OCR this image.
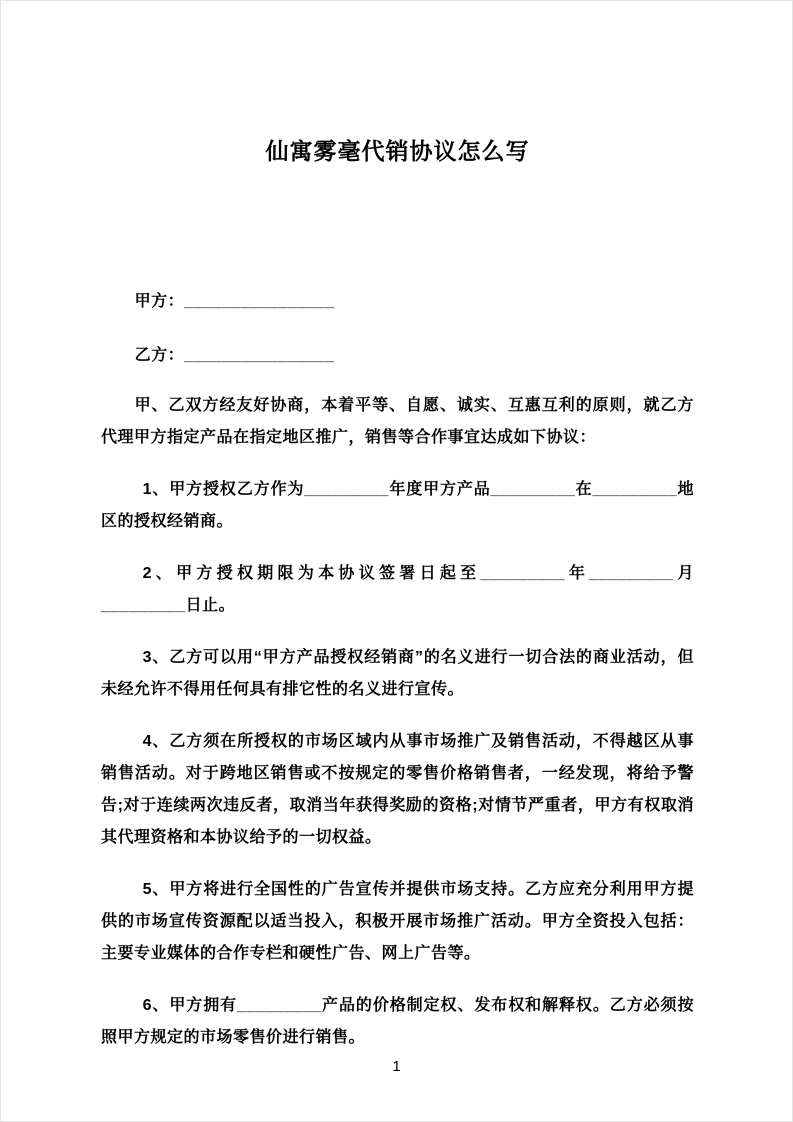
仙寓雾毫代销协议怎么写

甲方：________________

乙方：________________

甲、乙双方经友好协商，本着平等、自愿、诚实、互惠互利的原则，就乙方代理甲方指定产品在指定地区推广，销售等合作事宜达成如下协议：

1、甲方授权乙方作为_________年度甲方产品_________在_________地区的授权经销商。

2、甲方授权期限为本协议签署日起至_________年_________月_________日止。

3、乙方可以用“甲方产品授权经销商”的名义进行一切合法的商业活动，但未经允许不得用任何具有排它性的名义进行宣传。

4、乙方须在所授权的市场区域内从事市场推广及销售活动，不得越区从事销售活动。对于跨地区销售或不按规定的零售价格销售者，一经发现，将给予警告;对于连续两次违反者，取消当年获得奖励的资格;对情节严重者，甲方有权取消其代理资格和本协议给予的一切权益。

5、甲方将进行全国性的广告宣传并提供市场支持。乙方应充分利用甲方提供的市场宣传资源配以适当投入，积极开展市场推广活动。甲方全资投入包括：主要专业媒体的合作专栏和硬性广告、网上广告等。

6、甲方拥有_________产品的价格制定权、发布权和解释权。乙方必须按照甲方规定的市场零售价进行销售。

1
